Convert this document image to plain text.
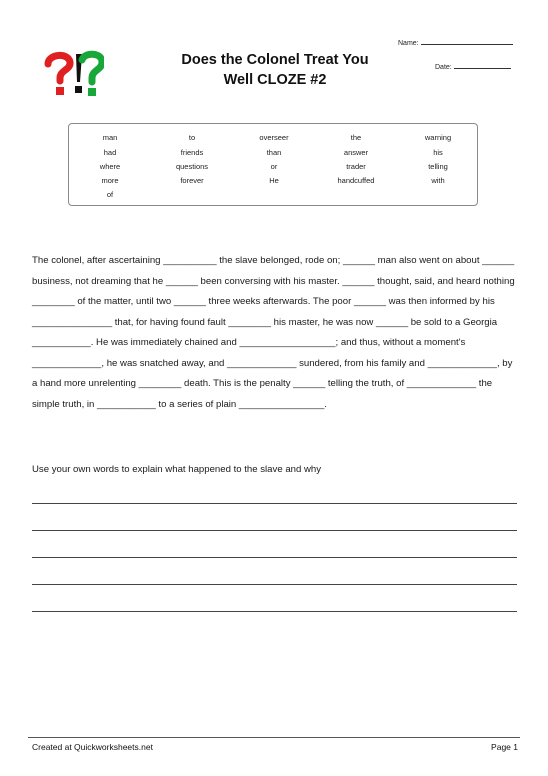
Does the Colonel Treat You
Well CLOZE #2
Name:
Date:
man
had
where
more
of
to
friends
questions
forever
overseer
than
or
He
the
answer
trader
handcuffed
warning
his
telling
with

The colonel, after ascertaining __________ the slave belonged, rode on; ______ man also went on about ______ business, not dreaming that he ______ been conversing with his master. ______ thought, said, and heard nothing ________ of the matter, until two ______ three weeks afterwards. The poor ______ was then informed by his _______________ that, for having found fault ________ his master, he was now ______ be sold to a Georgia ___________. He was immediately chained and __________________; and thus, without a moment's _____________, he was snatched away, and _____________ sundered, from his family and _____________, by a hand more unrelenting ________ death. This is the penalty ______ telling the truth, of _____________ the simple truth, in ___________ to a series of plain ________________.

Use your own words to explain what happened to the slave and why
Created at Quickworksheets.net	Page 1
